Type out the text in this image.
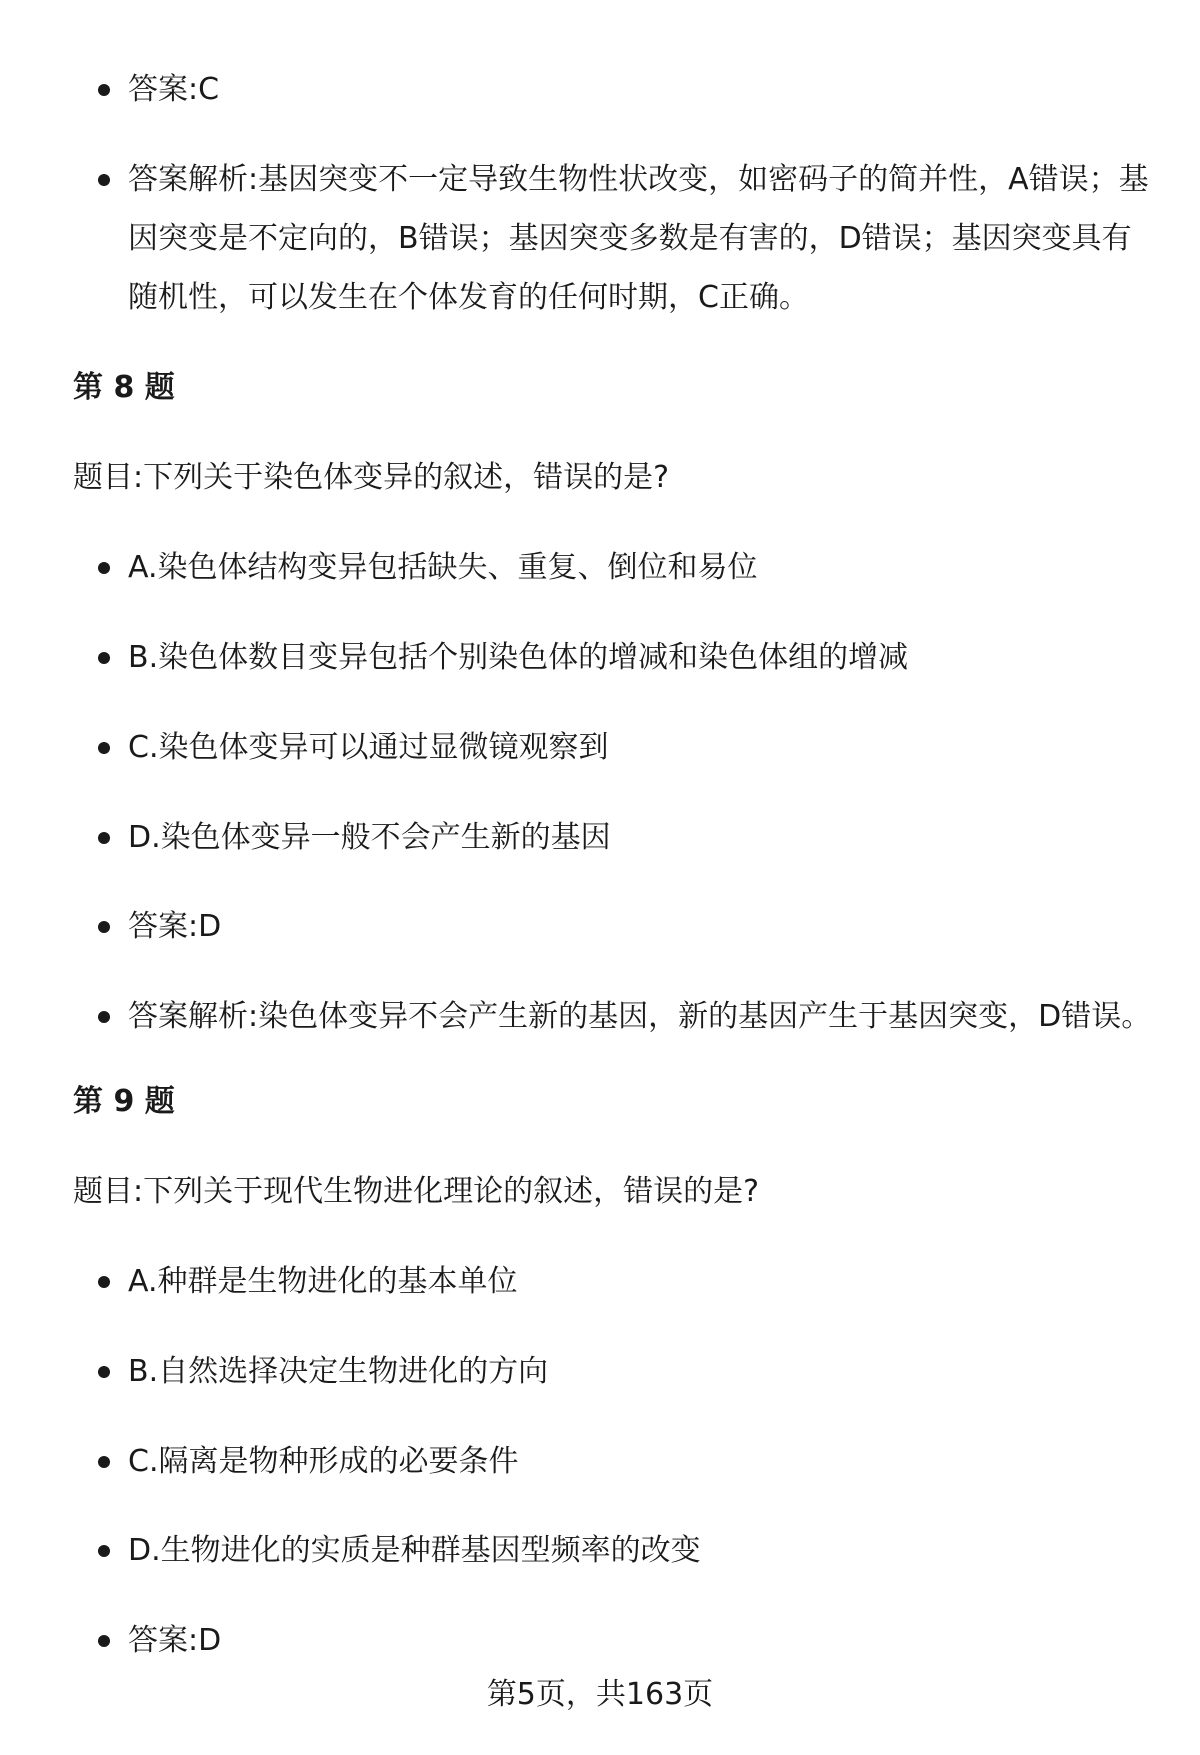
答案:C
答案解析:基因突变不一定导致生物性状改变，如密码子的简并性，A错误；基因突变是不定向的，B错误；基因突变多数是有害的，D错误；基因突变具有随机性，可以发生在个体发育的任何时期，C正确。
第 8 题
题目:下列关于染色体变异的叙述，错误的是?
A.染色体结构变异包括缺失、重复、倒位和易位
B.染色体数目变异包括个别染色体的增减和染色体组的增减
C.染色体变异可以通过显微镜观察到
D.染色体变异一般不会产生新的基因
答案:D
答案解析:染色体变异不会产生新的基因，新的基因产生于基因突变，D错误。
第 9 题
题目:下列关于现代生物进化理论的叙述，错误的是?
A.种群是生物进化的基本单位
B.自然选择决定生物进化的方向
C.隔离是物种形成的必要条件
D.生物进化的实质是种群基因型频率的改变
答案:D
第5页，共163页
